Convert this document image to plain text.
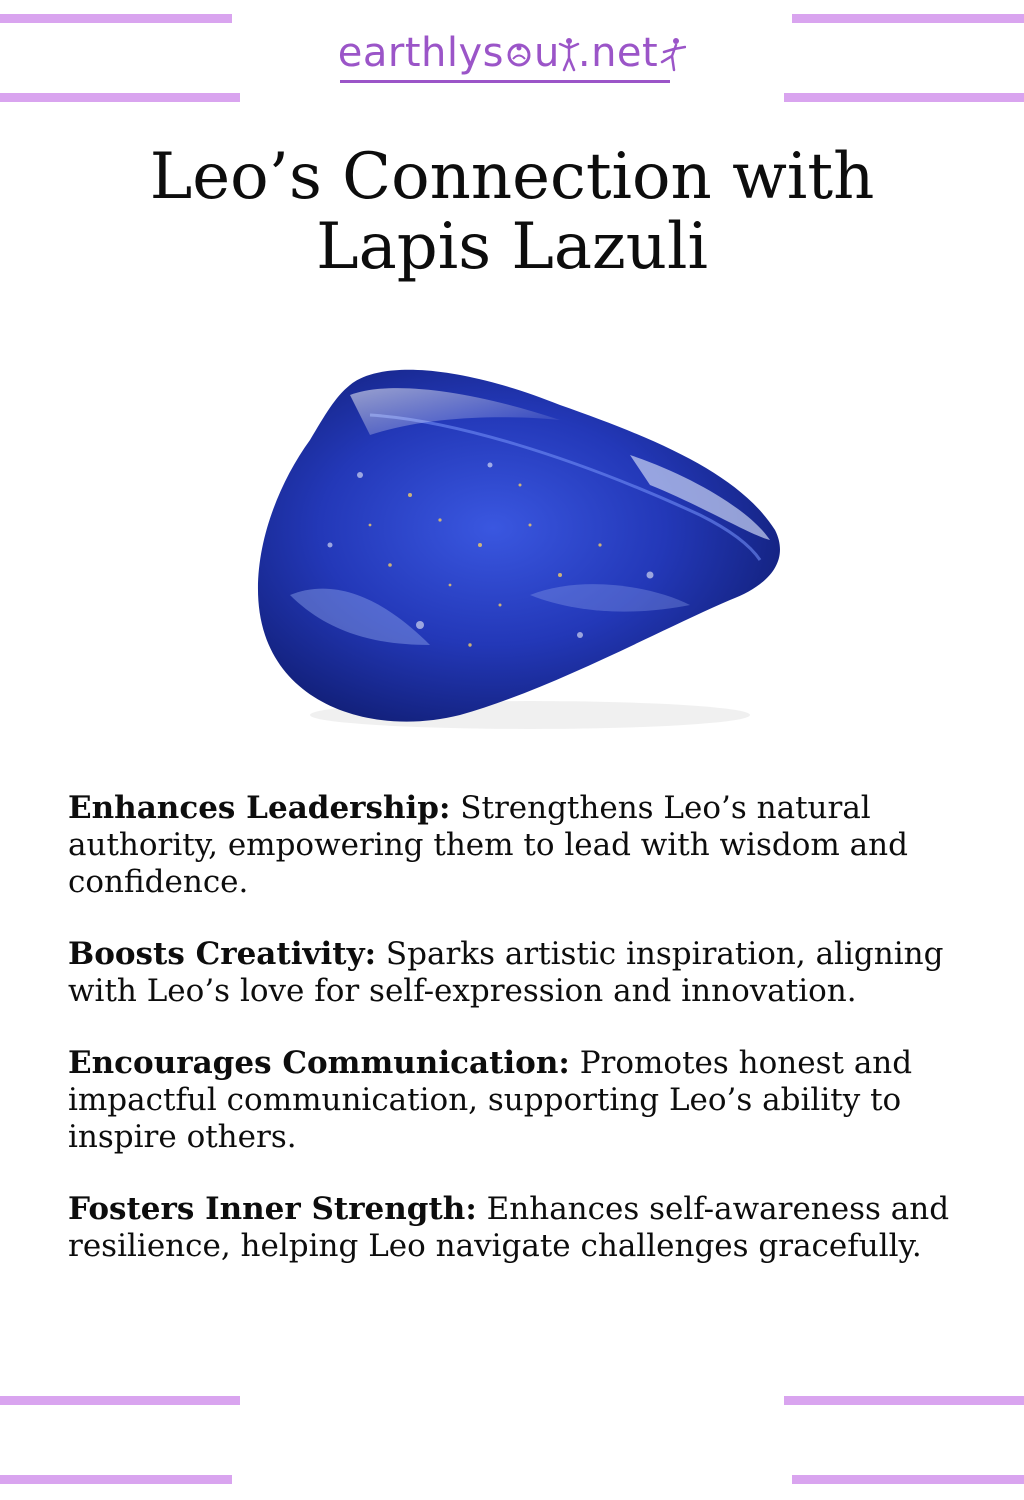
earthlys u .net
Leo’s Connection with
Lapis Lazuli

Enhances Leadership: Strengthens Leo’s natural authority, empowering them to lead with wisdom and confidence.

Boosts Creativity: Sparks artistic inspiration, aligning with Leo’s love for self-expression and innovation.

Encourages Communication: Promotes honest and impactful communication, supporting Leo’s ability to inspire others.

Fosters Inner Strength: Enhances self-awareness and resilience, helping Leo navigate challenges gracefully.
